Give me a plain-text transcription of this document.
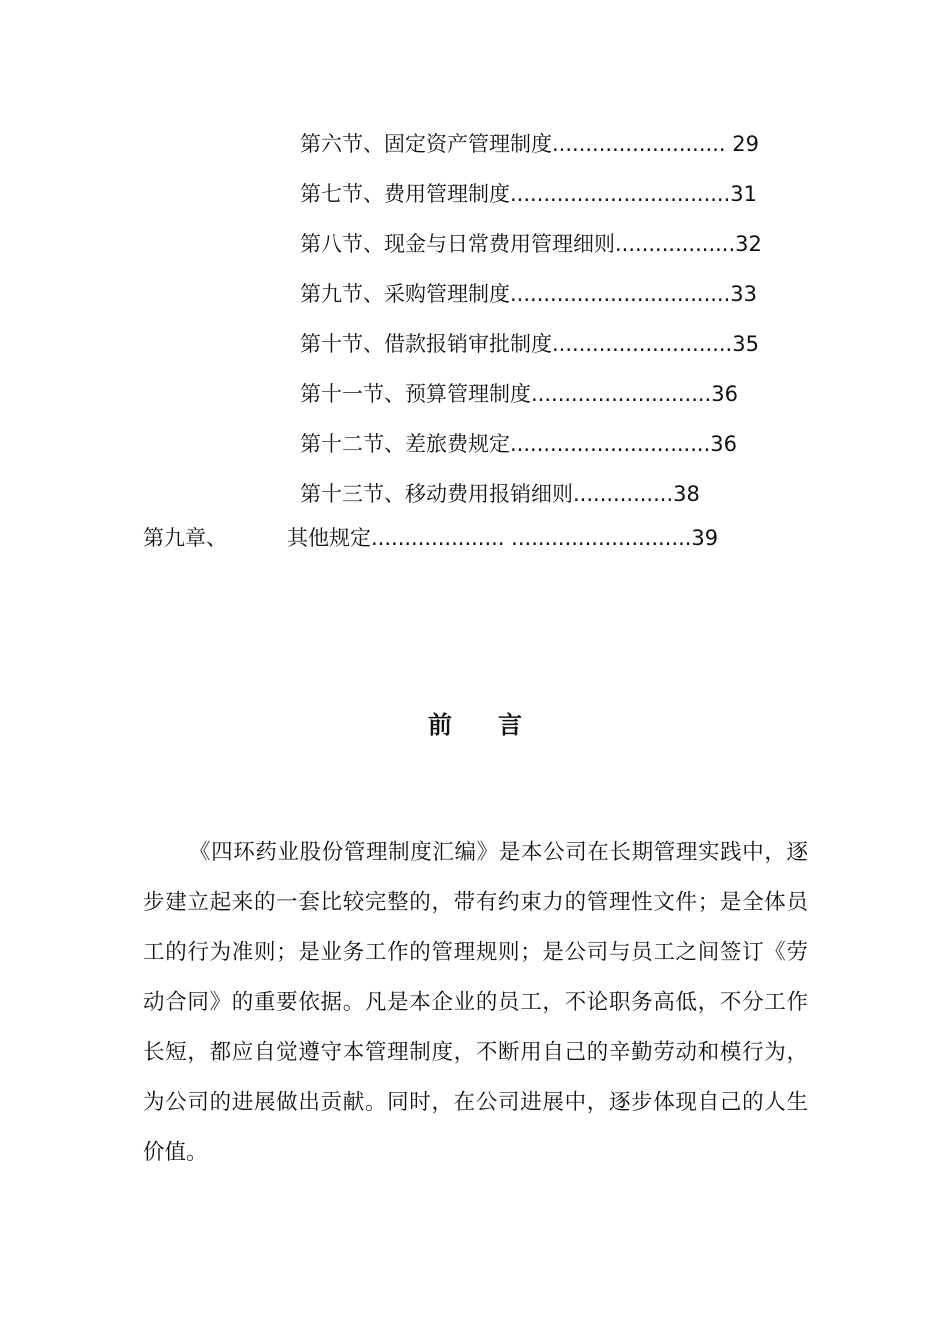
第六节、固定资产管理制度.......................... 29
第七节、费用管理制度.................................31
第八节、现金与日常费用管理细则..................32
第九节、采购管理制度.................................33
第十节、借款报销审批制度...........................35
第十一节、预算管理制度...........................36
第十二节、差旅费规定..............................36
第十三节、移动费用报销细则...............38
第九章、	其他规定.................... ...........................39
前言
《四环药业股份管理制度汇编》是本公司在长期管理实践中，逐步建立起来的一套比较完整的，带有约束力的管理性文件；是全体员工的行为准则；是业务工作的管理规则；是公司与员工之间签订《劳动合同》的重要依据。凡是本企业的员工，不论职务高低，不分工作长短，都应自觉遵守本管理制度，不断用自己的辛勤劳动和模行为，为公司的进展做出贡献。同时，在公司进展中，逐步体现自己的人生价值。
